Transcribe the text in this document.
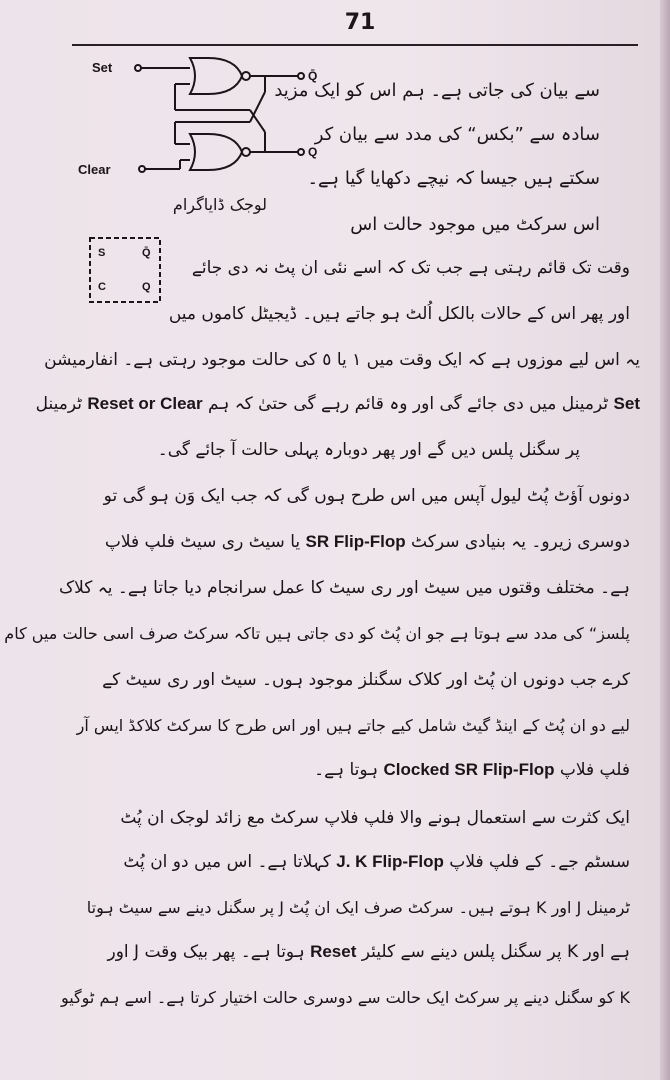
71
Set
Clear
Q̄
Q
لوجک ڈایاگرام
S	Q̄
C	Q
سے بیان کی جاتی ہے۔ ہم اس کو ایک مزید
سادہ سے ”بکس“ کی مدد سے بیان کر
سکتے ہیں جیسا کہ نیچے دکھایا گیا ہے۔
اس سرکٹ میں موجود حالت اس
وقت تک قائم رہتی ہے جب تک کہ اسے نئی ان پٹ نہ دی جائے
اور پھر اس کے حالات بالکل اُلٹ ہو جاتے ہیں۔ ڈیجیٹل کاموں میں
یہ اس لیے موزوں ہے کہ ایک وقت میں ۱ یا ٥ کی حالت موجود رہتی ہے۔ انفارمیشن
Set ٹرمینل میں دی جائے گی اور وہ قائم رہے گی حتیٰ کہ ہم Reset or Clear ٹرمینل
پر سگنل پلس دیں گے اور پھر دوبارہ پہلی حالت آ جائے گی۔
دونوں آؤٹ پُٹ لیول آپس میں اس طرح ہوں گی کہ جب ایک وَن ہو گی تو
دوسری زیرو۔ یہ بنیادی سرکٹ SR Flip-Flop یا سیٹ ری سیٹ فلپ فلاپ
ہے۔ مختلف وقتوں میں سیٹ اور ری سیٹ کا عمل سرانجام دیا جاتا ہے۔ یہ کلاک
پلسز“ کی مدد سے ہوتا ہے جو ان پُٹ کو دی جاتی ہیں تاکہ سرکٹ صرف اسی حالت میں کام
کرے جب دونوں ان پُٹ اور کلاک سگنلز موجود ہوں۔ سیٹ اور ری سیٹ کے
لیے دو ان پُٹ کے اینڈ گیٹ شامل کیے جاتے ہیں اور اس طرح کا سرکٹ کلاکڈ ایس آر
فلپ فلاپ Clocked SR Flip-Flop ہوتا ہے۔
ایک کثرت سے استعمال ہونے والا فلپ فلاپ سرکٹ مع زائد لوجک ان پُٹ
سسٹم جے۔ کے فلپ فلاپ J. K Flip-Flop کہلاتا ہے۔ اس میں دو ان پُٹ
ٹرمینل J اور K ہوتے ہیں۔ سرکٹ صرف ایک ان پُٹ J پر سگنل دینے سے سیٹ ہوتا
ہے اور K پر سگنل پلس دینے سے کلیئر Reset ہوتا ہے۔ پھر بیک وقت J اور
K کو سگنل دینے پر سرکٹ ایک حالت سے دوسری حالت اختیار کرتا ہے۔ اسے ہم ٹوگیو
